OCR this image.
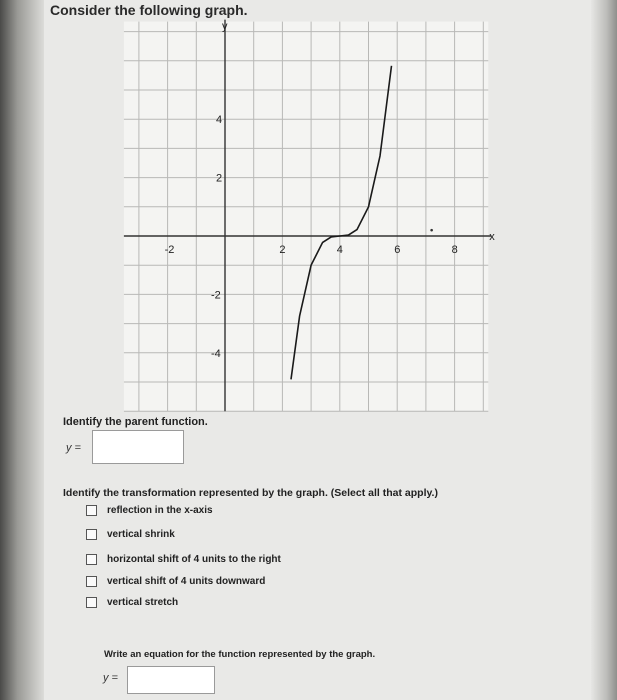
Consider the following graph.
y
x
-2	2	4	6	8
4
2
-2
-4
Identify the parent function.
y =
Identify the transformation represented by the graph. (Select all that apply.)
reflection in the x-axis
vertical shrink
horizontal shift of 4 units to the right
vertical shift of 4 units downward
vertical stretch
Write an equation for the function represented by the graph.
y =
